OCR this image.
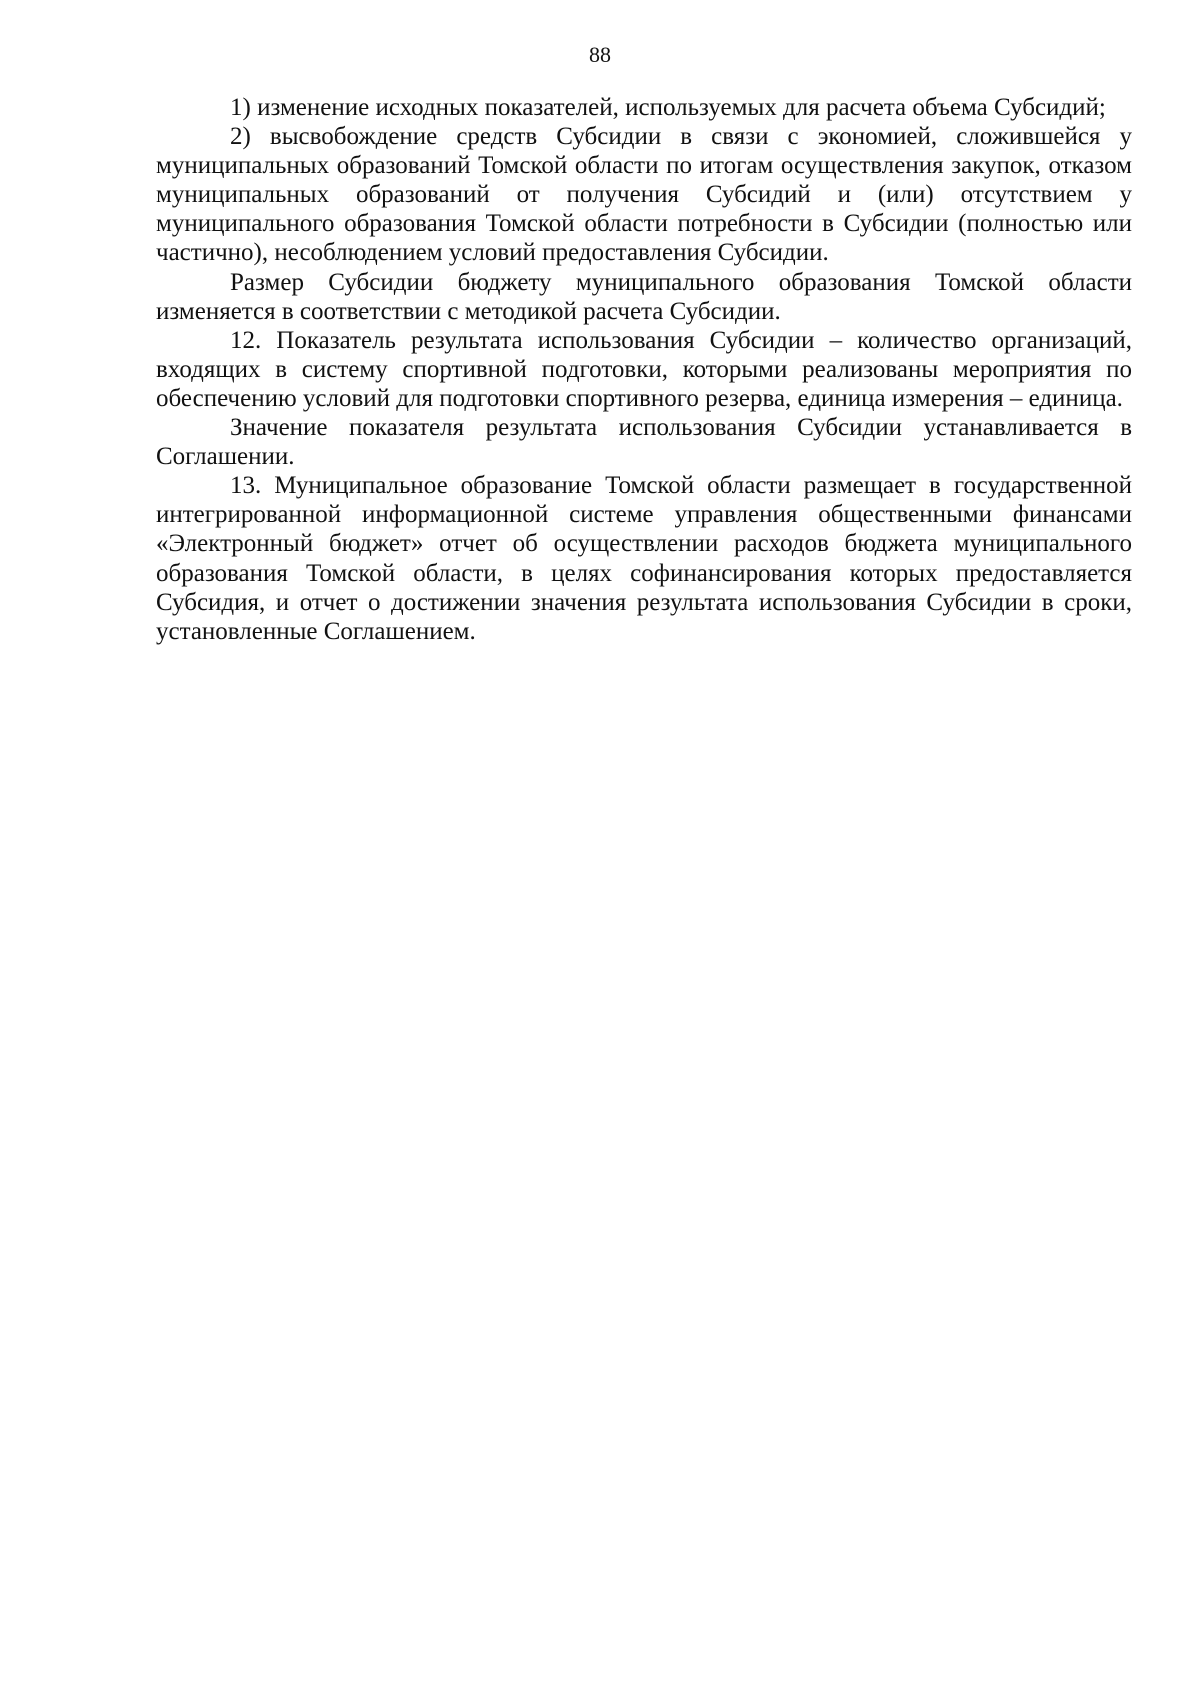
88

1) изменение исходных показателей, используемых для расчета объема Субсидий;

2) высвобождение средств Субсидии в связи с экономией, сложившейся у муниципальных образований Томской области по итогам осуществления закупок, отказом муниципальных образований от получения Субсидий и (или) отсутствием у муниципального образования Томской области потребности в Субсидии (полностью или частично), несоблюдением условий предоставления Субсидии.

Размер Субсидии бюджету муниципального образования Томской области изменяется в соответствии с методикой расчета Субсидии.

12. Показатель результата использования Субсидии – количество организаций, входящих в систему спортивной подготовки, которыми реализованы мероприятия по обеспечению условий для подготовки спортивного резерва, единица измерения – единица.

Значение показателя результата использования Субсидии устанавливается в Соглашении.

13. Муниципальное образование Томской области размещает в государственной интегрированной информационной системе управления общественными финансами «Электронный бюджет» отчет об осуществлении расходов бюджета муниципального образования Томской области, в целях софинансирования которых предоставляется Субсидия, и отчет о достижении значения результата использования Субсидии в сроки, установленные Соглашением.
